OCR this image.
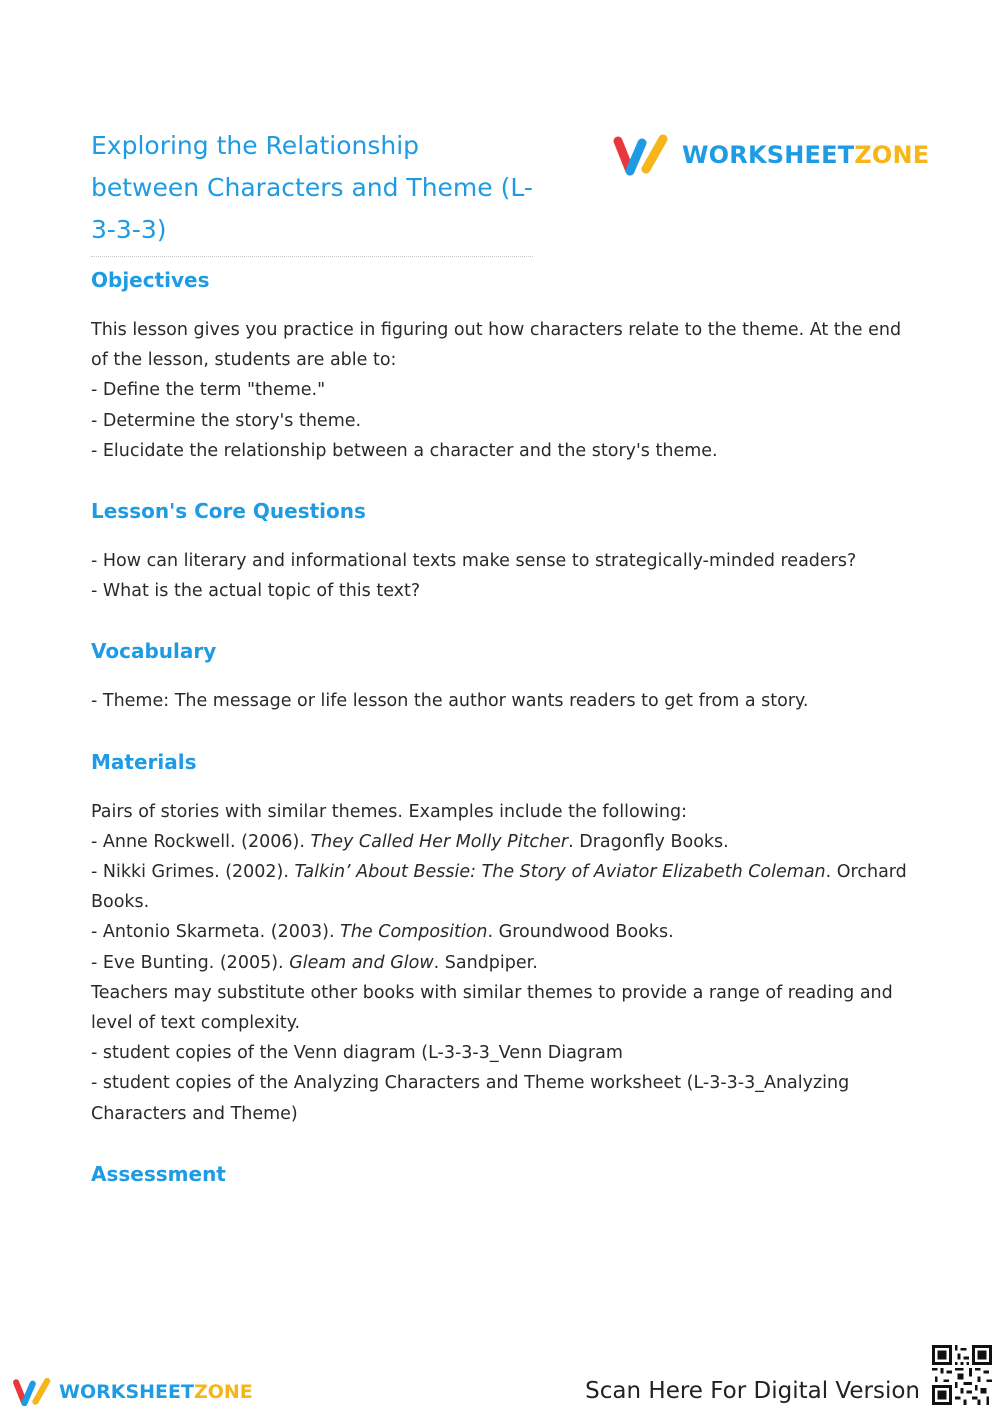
Exploring the Relationship between Characters and Theme (L-3-3-3)
WORKSHEETZONE
Objectives

This lesson gives you practice in figuring out how characters relate to the theme. At the end of the lesson, students are able to:

- Define the term "theme."

- Determine the story's theme.

- Elucidate the relationship between a character and the story's theme.

Lesson's Core Questions

- How can literary and informational texts make sense to strategically-minded readers?

- What is the actual topic of this text?

Vocabulary

- Theme: The message or life lesson the author wants readers to get from a story.

Materials

Pairs of stories with similar themes. Examples include the following:

- Anne Rockwell. (2006). They Called Her Molly Pitcher. Dragonfly Books.

- Nikki Grimes. (2002). Talkin’ About Bessie: The Story of Aviator Elizabeth Coleman. Orchard Books.

- Antonio Skarmeta. (2003). The Composition. Groundwood Books.

- Eve Bunting. (2005). Gleam and Glow. Sandpiper.

Teachers may substitute other books with similar themes to provide a range of reading and level of text complexity.

- student copies of the Venn diagram (L-3-3-3_Venn Diagram

- student copies of the Analyzing Characters and Theme worksheet (L-3-3-3_Analyzing Characters and Theme)

Assessment
WORKSHEETZONE	Scan Here For Digital Version
